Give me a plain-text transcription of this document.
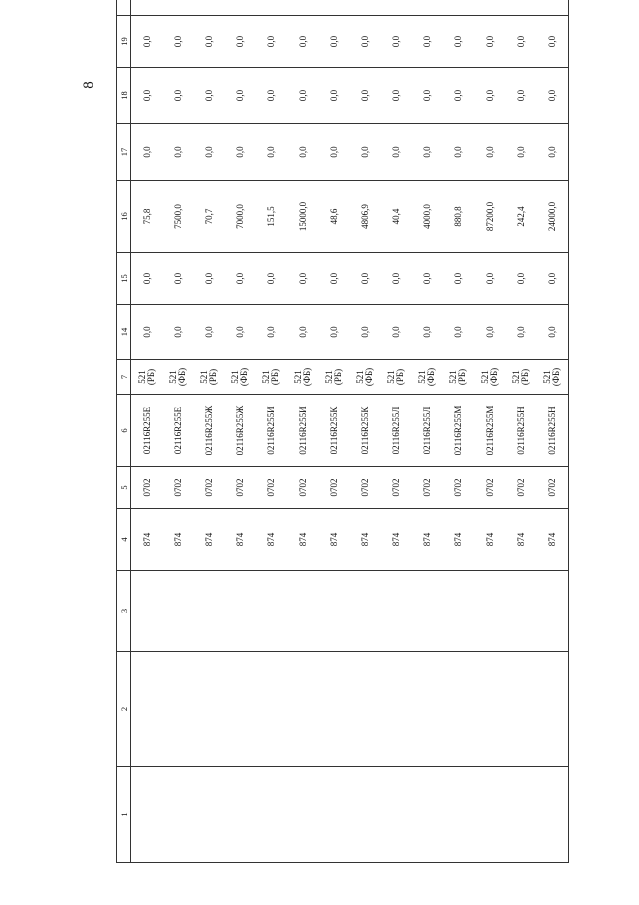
8
1	2	3	4	5	6	7	14	15	16	17	18	19	
			874	0702	02116R255E	521 (РБ)	0,0	0,0	75,8	0,0	0,0	0,0	
			874	0702	02116R255E	521 (ФБ)	0,0	0,0	7500,0	0,0	0,0	0,0	
			874	0702	02116R255Ж	521 (РБ)	0,0	0,0	70,7	0,0	0,0	0,0	
			874	0702	02116R255Ж	521 (ФБ)	0,0	0,0	7000,0	0,0	0,0	0,0	
			874	0702	02116R255И	521 (РБ)	0,0	0,0	151,5	0,0	0,0	0,0	
			874	0702	02116R255И	521 (ФБ)	0,0	0,0	15000,0	0,0	0,0	0,0	
			874	0702	02116R255К	521 (РБ)	0,0	0,0	48,6	0,0	0,0	0,0	
			874	0702	02116R255К	521 (ФБ)	0,0	0,0	4806,9	0,0	0,0	0,0	
			874	0702	02116R255Л	521 (РБ)	0,0	0,0	40,4	0,0	0,0	0,0	
			874	0702	02116R255Л	521 (ФБ)	0,0	0,0	4000,0	0,0	0,0	0,0	
			874	0702	02116R255М	521 (РБ)	0,0	0,0	880,8	0,0	0,0	0,0	
			874	0702	02116R255М	521 (ФБ)	0,0	0,0	87200,0	0,0	0,0	0,0	
			874	0702	02116R255Н	521 (РБ)	0,0	0,0	242,4	0,0	0,0	0,0	
			874	0702	02116R255Н	521 (ФБ)	0,0	0,0	24000,0	0,0	0,0	0,0	
